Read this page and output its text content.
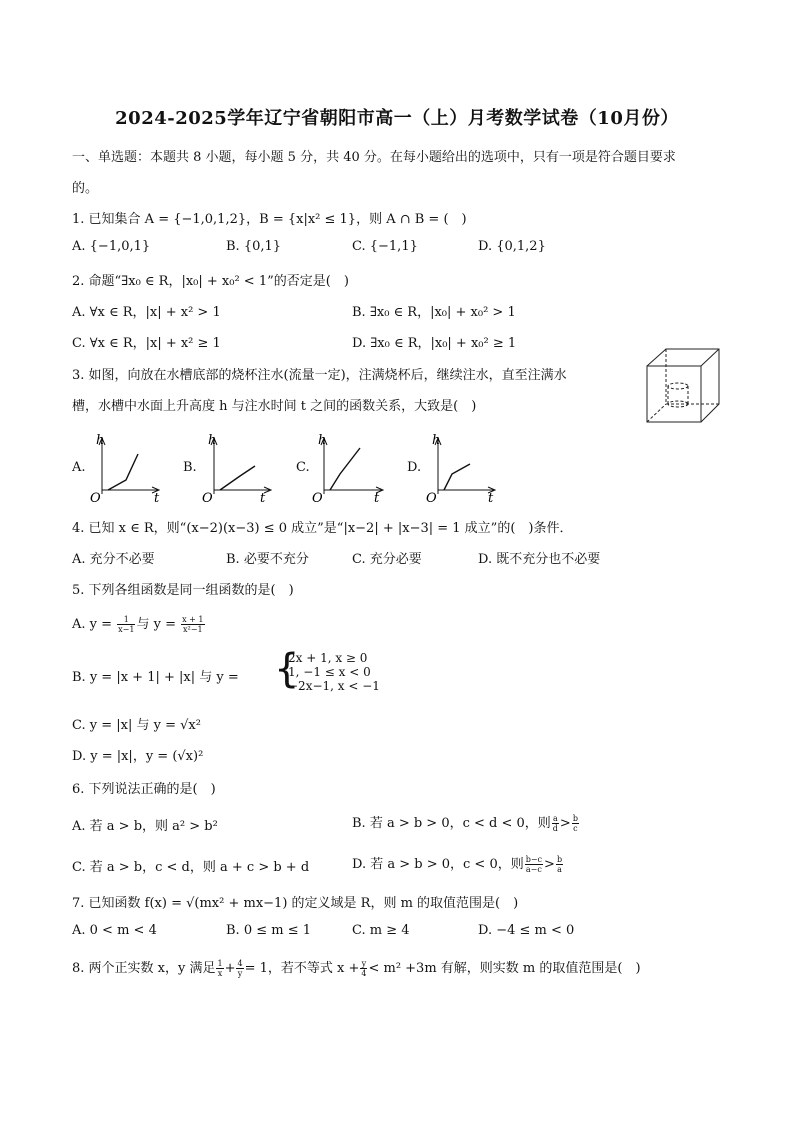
2024-2025学年辽宁省朝阳市高一（上）月考数学试卷（10月份）
一、单选题：本题共 8 小题，每小题 5 分，共 40 分。在每小题给出的选项中，只有一项是符合题目要求
的。
1. 已知集合 A = {−1,0,1,2}，B = {x|x² ≤ 1}，则 A ∩ B = (　)
A. {−1,0,1}	B. {0,1}	C. {−1,1}	D. {0,1,2}
2. 命题“∃x₀ ∈ R，|x₀| + x₀² < 1”的否定是(　)
A. ∀x ∈ R，|x| + x² > 1	B. ∃x₀ ∈ R，|x₀| + x₀² > 1
C. ∀x ∈ R，|x| + x² ≥ 1	D. ∃x₀ ∈ R，|x₀| + x₀² ≥ 1
3. 如图，向放在水槽底部的烧杯注水(流量一定)，注满烧杯后，继续注水，直至注满水
槽，水槽中水面上升高度 h 与注水时间 t 之间的函数关系，大致是(　)
A.
h
t
O
B.
h
t
O
C.
h
t
O
D.
h
t
O
4. 已知 x ∈ R，则“(x−2)(x−3) ≤ 0 成立”是“|x−2| + |x−3| = 1 成立”的(　)条件．
A. 充分不必要	B. 必要不充分	C. 充分必要	D. 既不充分也不必要
5. 下列各组函数是同一组函数的是(　)
A. $y = \frac{1}{x-1}$ 与 $y = \frac{x + 1}{\text{x²−1}}$
B. y = |x + 1| + |x| 与 y = {
2x + 1, x ≥ 0
1, −1 ≤ x < 0
−2x−1, x < −1
C. y = |x| 与 y = √x²
D. y = |x|，y = (√x)²
6. 下列说法正确的是(　)
A. 若 a > b，则 a² > b²	B. 若 a > b > 0，c < d < 0，则 $\frac{a}{d} > \frac{b}{c}$
C. 若 a > b，c < d，则 a + c > b + d	D. 若 a > b > 0，c < 0，则 $\frac{b-c}{a-c} > \frac{b}{a}$
7. 已知函数 f(x) = √(mx² + mx−1) 的定义域是 R，则 m 的取值范围是(　)
A. 0 < m < 4	B. 0 ≤ m ≤ 1	C. m ≥ 4	D. −4 ≤ m < 0
8. 两个正实数 x，y 满足 $\frac{1}{x} + \frac{4}{y} = 1$，若不等式 $x + \frac{y}{4} < m^2 +3m$ 有解，则实数 m 的取值范围是(　)
